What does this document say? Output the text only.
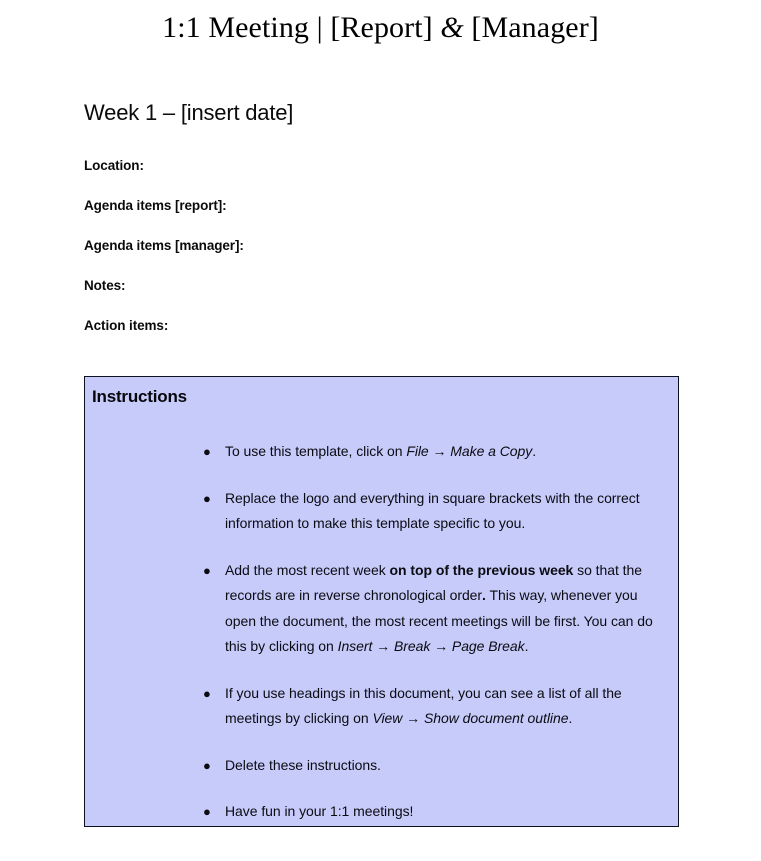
1:1 Meeting | [Report] & [Manager]
Week 1 – [insert date]
Location:
Agenda items [report]:
Agenda items [manager]:
Notes:
Action items:
Instructions
● To use this template, click on File → Make a Copy.
● Replace the logo and everything in square brackets with the correct information to make this template specific to you.
● Add the most recent week on top of the previous week so that the records are in reverse chronological order. This way, whenever you open the document, the most recent meetings will be first. You can do this by clicking on Insert → Break → Page Break.
● If you use headings in this document, you can see a list of all the meetings by clicking on View → Show document outline.
● Delete these instructions.
● Have fun in your 1:1 meetings!
